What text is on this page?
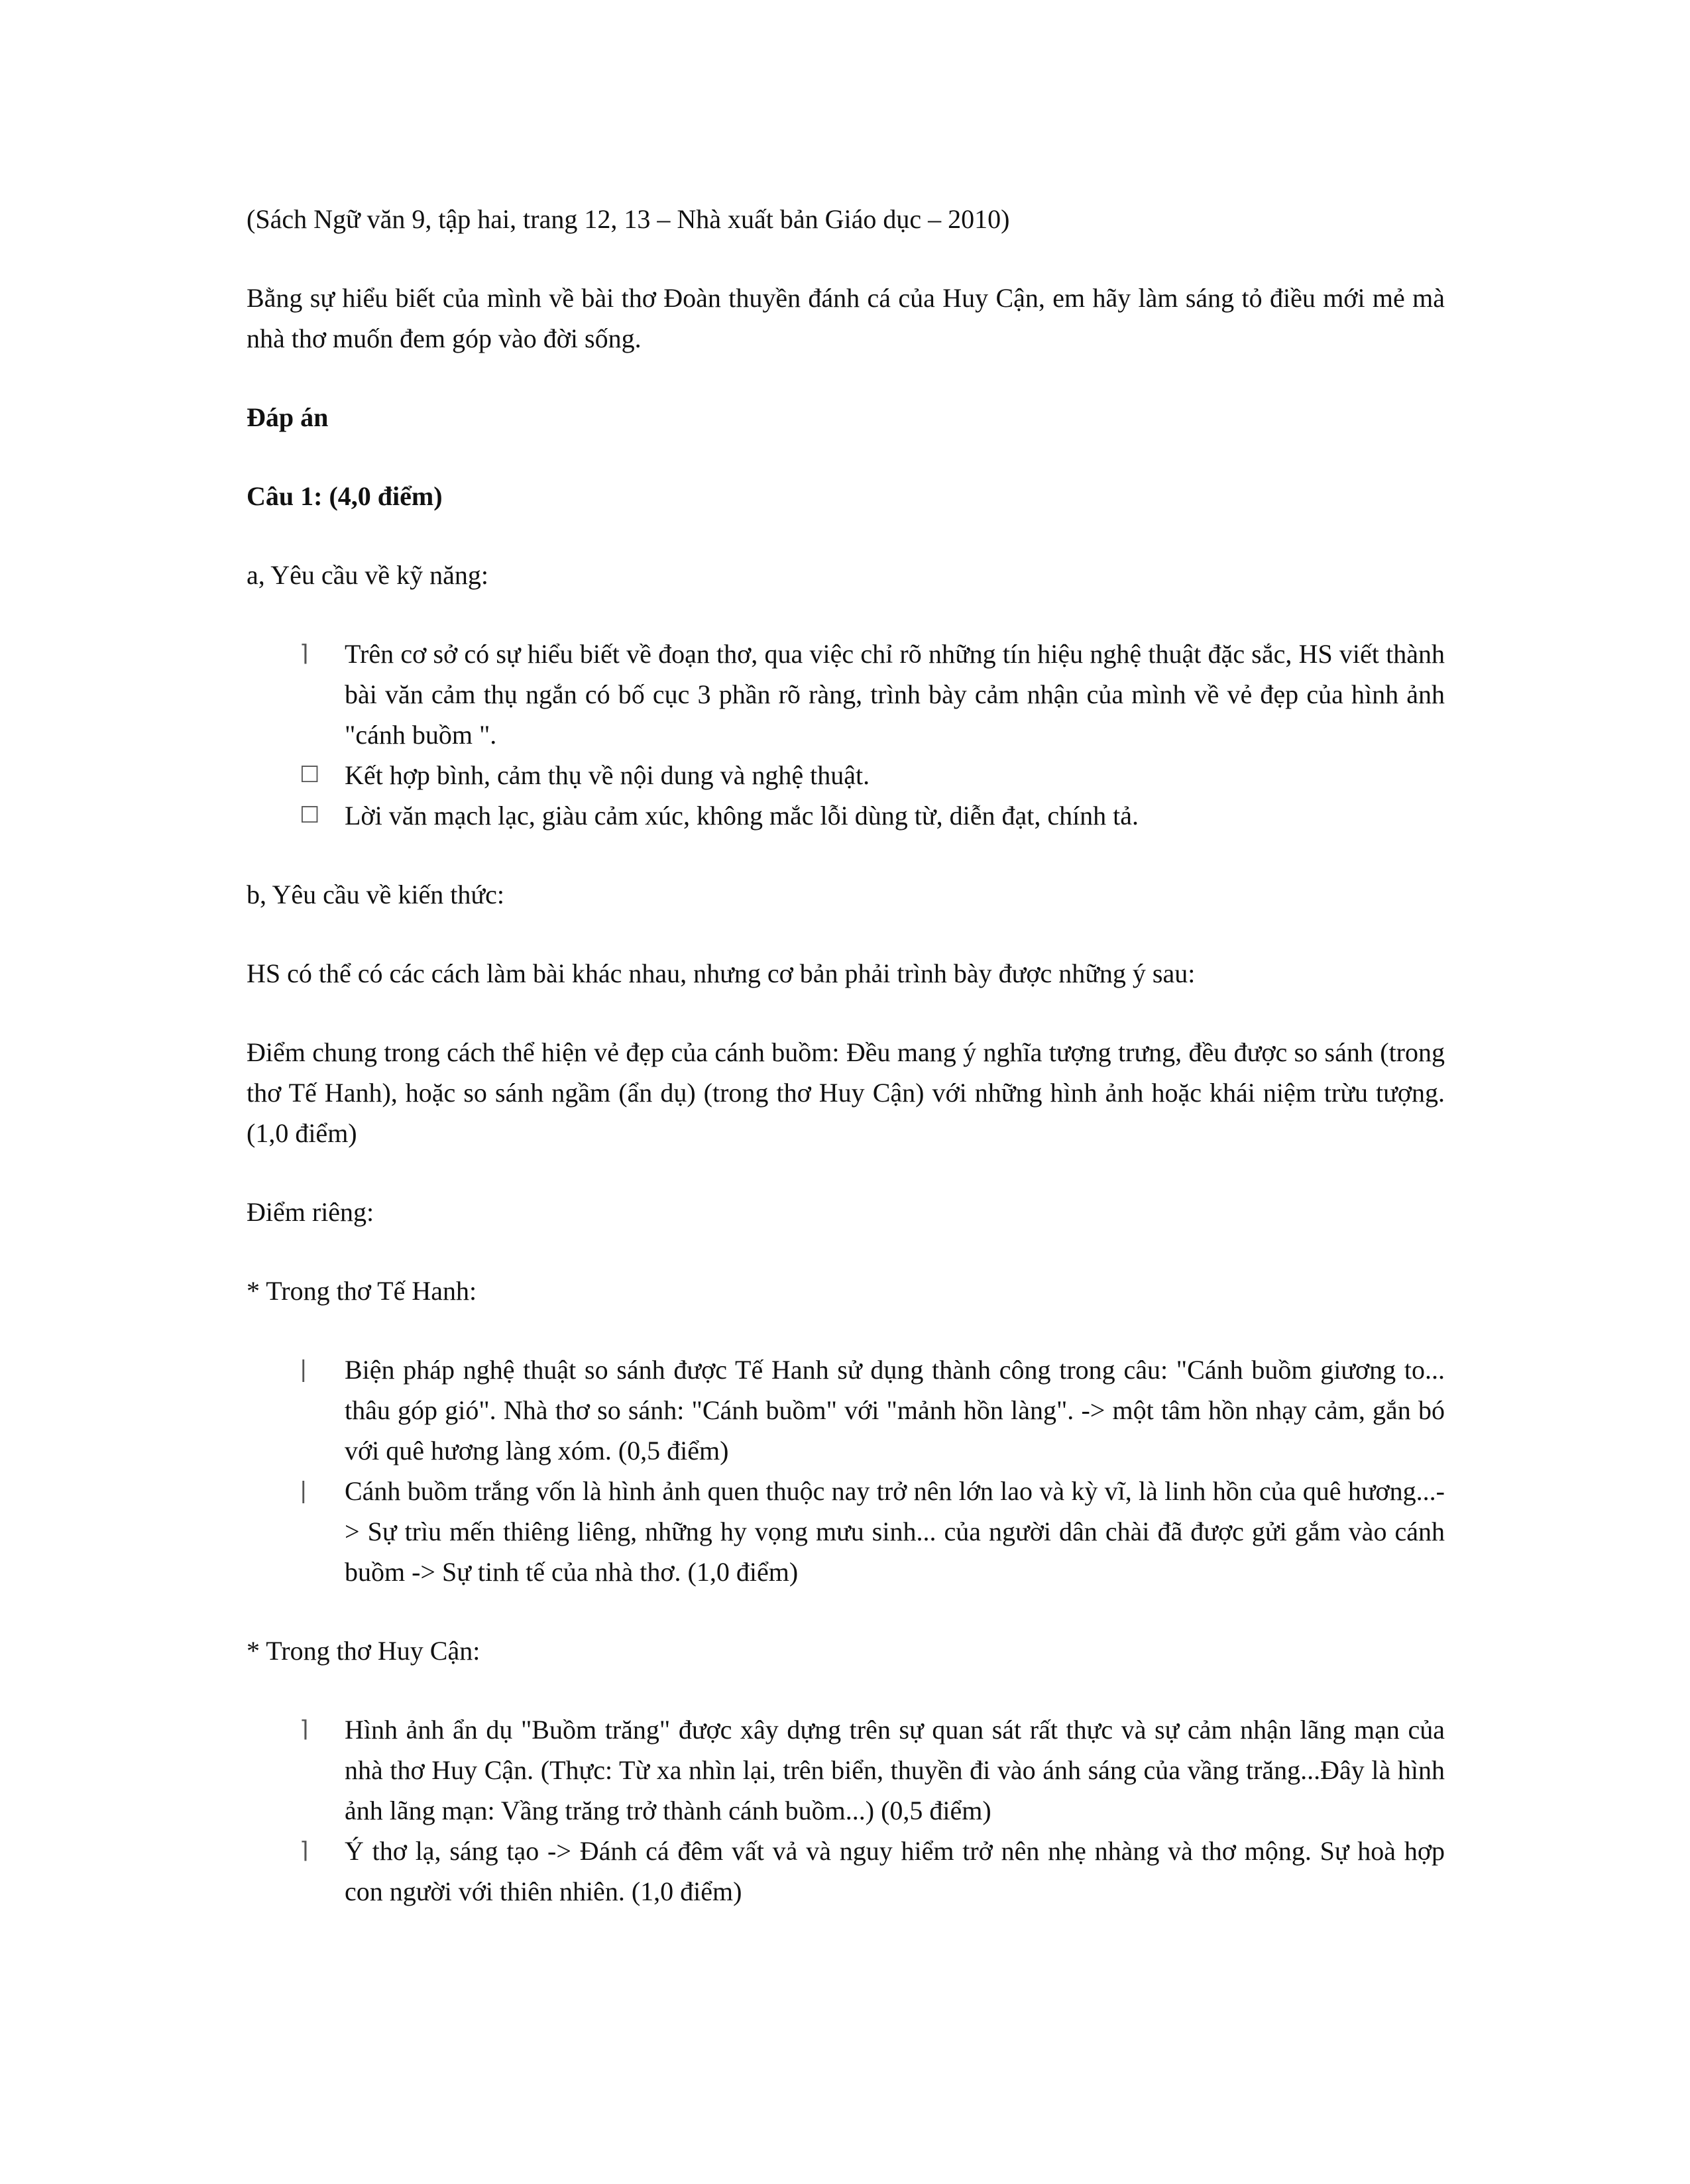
(Sách Ngữ văn 9, tập hai, trang 12, 13 – Nhà xuất bản Giáo dục – 2010)

Bằng sự hiểu biết của mình về bài thơ Đoàn thuyền đánh cá của Huy Cận, em hãy làm sáng tỏ điều mới mẻ mà nhà thơ muốn đem góp vào đời sống.

Đáp án

Câu 1: (4,0 điểm)

a, Yêu cầu về kỹ năng:

⌉	Trên cơ sở có sự hiểu biết về đoạn thơ, qua việc chỉ rõ những tín hiệu nghệ thuật đặc sắc, HS viết thành bài văn cảm thụ ngắn có bố cục 3 phần rõ ràng, trình bày cảm nhận của mình về vẻ đẹp của hình ảnh "cánh buồm ".
☐ Kết hợp bình, cảm thụ về nội dung và nghệ thuật.
☐ Lời văn mạch lạc, giàu cảm xúc, không mắc lỗi dùng từ, diễn đạt, chính tả.

b, Yêu cầu về kiến thức:

HS có thể có các cách làm bài khác nhau, nhưng cơ bản phải trình bày được những ý sau:

Điểm chung trong cách thể hiện vẻ đẹp của cánh buồm: Đều mang ý nghĩa tượng trưng, đều được so sánh (trong thơ Tế Hanh), hoặc so sánh ngầm (ẩn dụ) (trong thơ Huy Cận) với những hình ảnh hoặc khái niệm trừu tượng. (1,0 điểm)

Điểm riêng:

* Trong thơ Tế Hanh:

|	Biện pháp nghệ thuật so sánh được Tế Hanh sử dụng thành công trong câu: "Cánh buồm giương to... thâu góp gió". Nhà thơ so sánh: "Cánh buồm" với "mảnh hồn làng". -> một tâm hồn nhạy cảm, gắn bó với quê hương làng xóm. (0,5 điểm)
|	Cánh buồm trắng vốn là hình ảnh quen thuộc nay trở nên lớn lao và kỳ vĩ, là linh hồn của quê hương...-> Sự trìu mến thiêng liêng, những hy vọng mưu sinh... của người dân chài đã được gửi gắm vào cánh buồm -> Sự tinh tế của nhà thơ. (1,0 điểm)

* Trong thơ Huy Cận:

⌉	Hình ảnh ẩn dụ "Buồm trăng" được xây dựng trên sự quan sát rất thực và sự cảm nhận lãng mạn của nhà thơ Huy Cận. (Thực: Từ xa nhìn lại, trên biển, thuyền đi vào ánh sáng của vầng trăng...Đây là hình ảnh lãng mạn: Vầng trăng trở thành cánh buồm...) (0,5 điểm)
⌉	Ý thơ lạ, sáng tạo -> Đánh cá đêm vất vả và nguy hiểm trở nên nhẹ nhàng và thơ mộng. Sự hoà hợp con người với thiên nhiên. (1,0 điểm)
